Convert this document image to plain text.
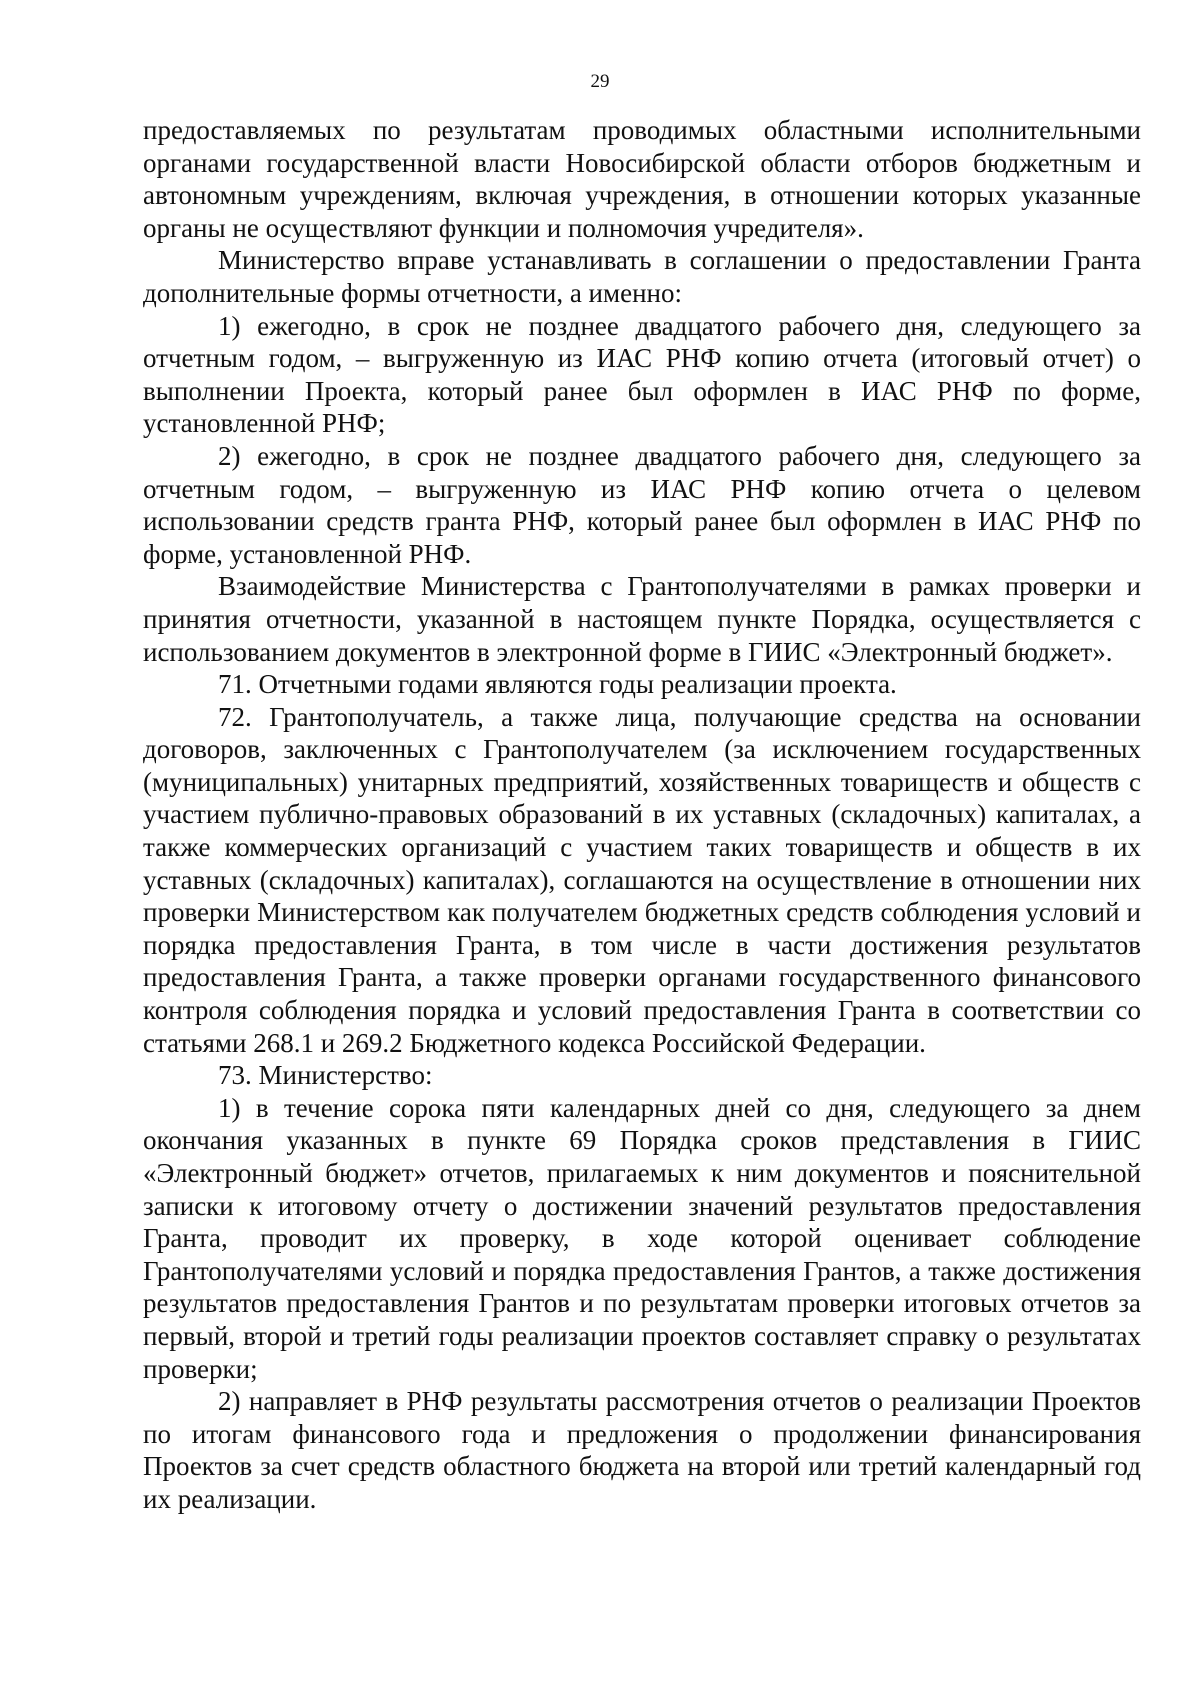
29

предоставляемых по результатам проводимых областными исполнительными органами государственной власти Новосибирской области отборов бюджетным и автономным учреждениям, включая учреждения, в отношении которых указанные органы не осуществляют функции и полномочия учредителя».

Министерство вправе устанавливать в соглашении о предоставлении Гранта дополнительные формы отчетности, а именно:

1) ежегодно, в срок не позднее двадцатого рабочего дня, следующего за отчетным годом, – выгруженную из ИАС РНФ копию отчета (итоговый отчет) о выполнении Проекта, который ранее был оформлен в ИАС РНФ по форме, установленной РНФ;

2) ежегодно, в срок не позднее двадцатого рабочего дня, следующего за отчетным годом, – выгруженную из ИАС РНФ копию отчета о целевом использовании средств гранта РНФ, который ранее был оформлен в ИАС РНФ по форме, установленной РНФ.

Взаимодействие Министерства с Грантополучателями в рамках проверки и принятия отчетности, указанной в настоящем пункте Порядка, осуществляется с использованием документов в электронной форме в ГИИС «Электронный бюджет».

71. Отчетными годами являются годы реализации проекта.

72. Грантополучатель, а также лица, получающие средства на основании договоров, заключенных с Грантополучателем (за исключением государственных (муниципальных) унитарных предприятий, хозяйственных товариществ и обществ с участием публично-правовых образований в их уставных (складочных) капиталах, а также коммерческих организаций с участием таких товариществ и обществ в их уставных (складочных) капиталах), соглашаются на осуществление в отношении них проверки Министерством как получателем бюджетных средств соблюдения условий и порядка предоставления Гранта, в том числе в части достижения результатов предоставления Гранта, а также проверки органами государственного финансового контроля соблюдения порядка и условий предоставления Гранта в соответствии со статьями 268.1 и 269.2 Бюджетного кодекса Российской Федерации.

73. Министерство:

1) в течение сорока пяти календарных дней со дня, следующего за днем окончания указанных в пункте 69 Порядка сроков представления в ГИИС «Электронный бюджет» отчетов, прилагаемых к ним документов и пояснительной записки к итоговому отчету о достижении значений результатов предоставления Гранта, проводит их проверку, в ходе которой оценивает соблюдение Грантополучателями условий и порядка предоставления Грантов, а также достижения результатов предоставления Грантов и по результатам проверки итоговых отчетов за первый, второй и третий годы реализации проектов составляет справку о результатах проверки;

2) направляет в РНФ результаты рассмотрения отчетов о реализации Проектов по итогам финансового года и предложения о продолжении финансирования Проектов за счет средств областного бюджета на второй или третий календарный год их реализации.
